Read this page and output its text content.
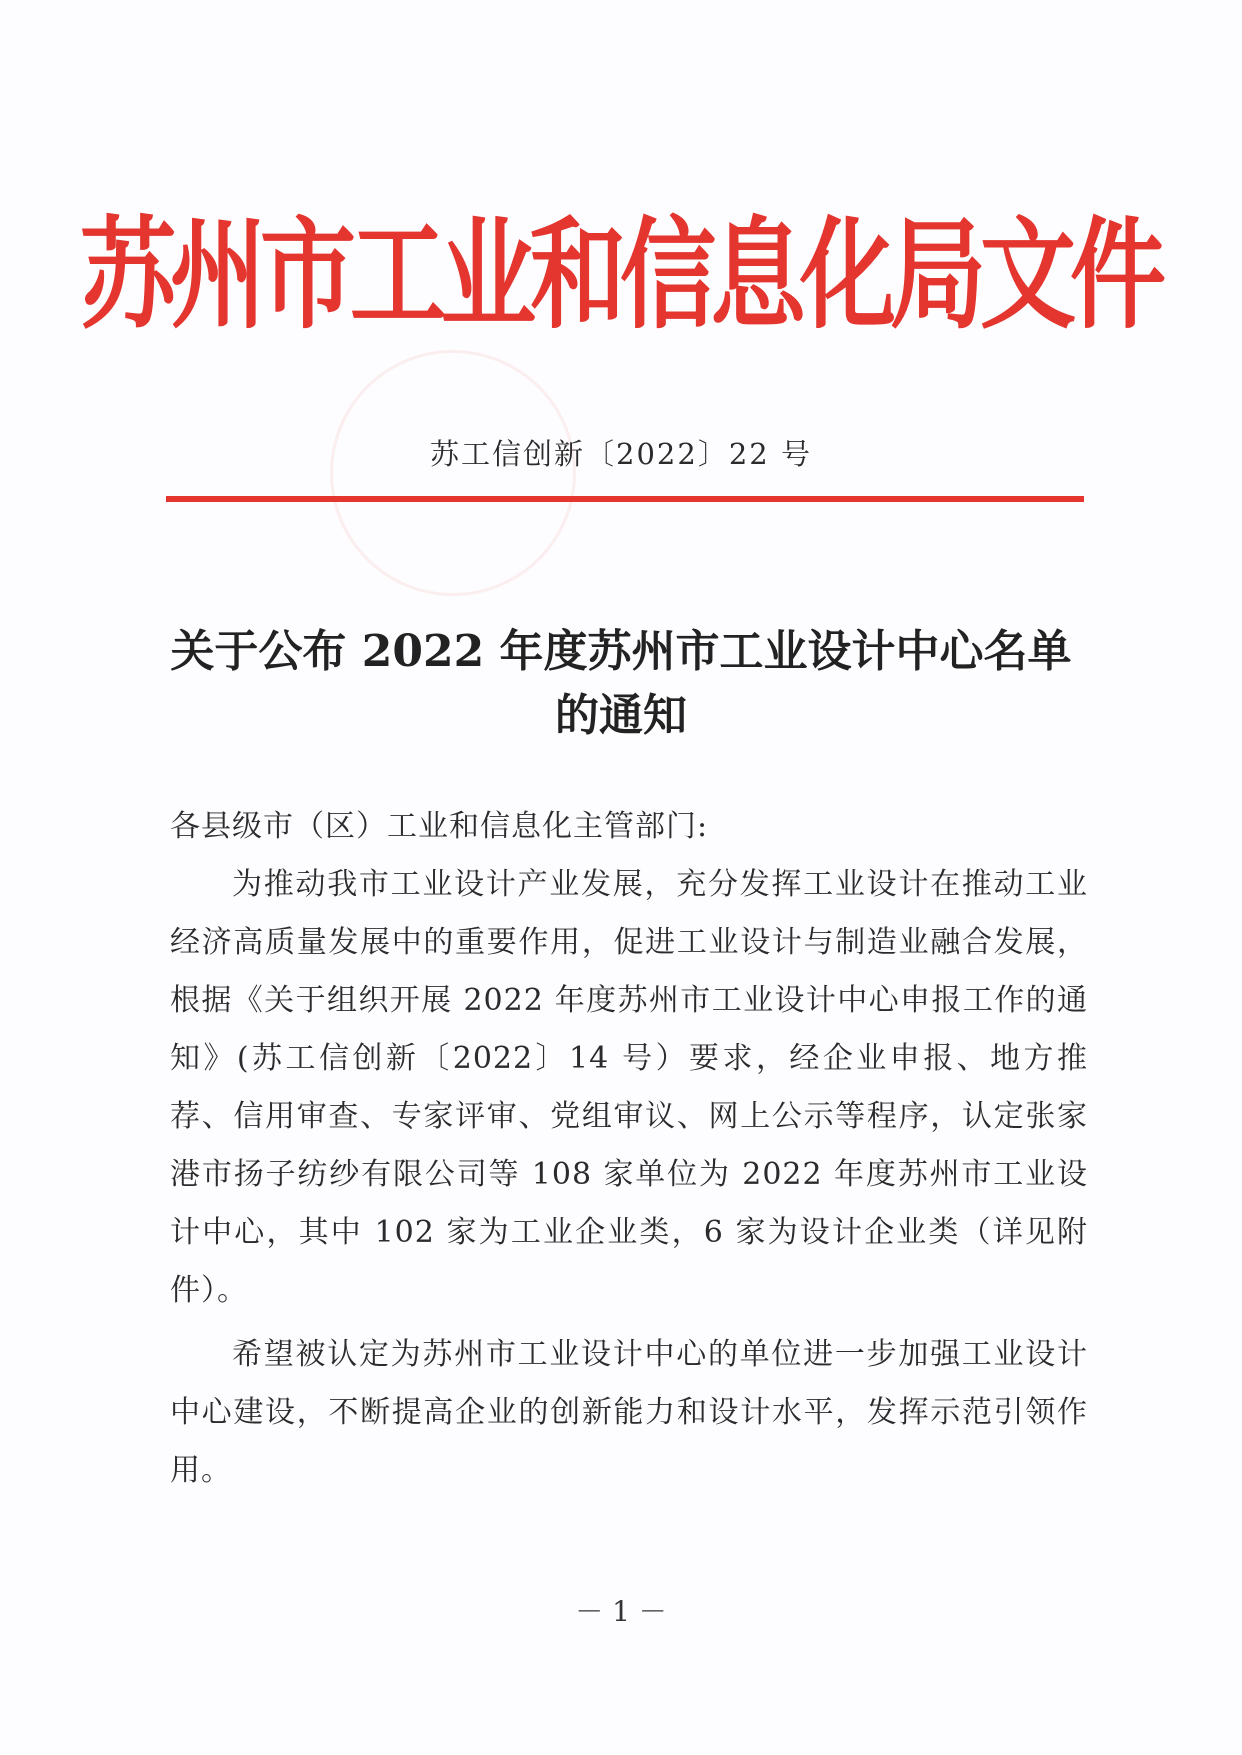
苏州市工业和信息化局文件
苏工信创新〔2022〕22 号
关于公布 2022 年度苏州市工业设计中心名单
的通知
各县级市（区）工业和信息化主管部门:
为推动我市工业设计产业发展，充分发挥工业设计在推动工业经济高质量发展中的重要作用，促进工业设计与制造业融合发展，根据《关于组织开展 2022 年度苏州市工业设计中心申报工作的通知》(苏工信创新〔2022〕14 号）要求，经企业申报、地方推荐、信用审查、专家评审、党组审议、网上公示等程序，认定张家港市扬子纺纱有限公司等 108 家单位为 2022 年度苏州市工业设计中心，其中 102 家为工业企业类，6 家为设计企业类（详见附件）。
希望被认定为苏州市工业设计中心的单位进一步加强工业设计中心建设，不断提高企业的创新能力和设计水平，发挥示范引领作用。
－ 1 －
